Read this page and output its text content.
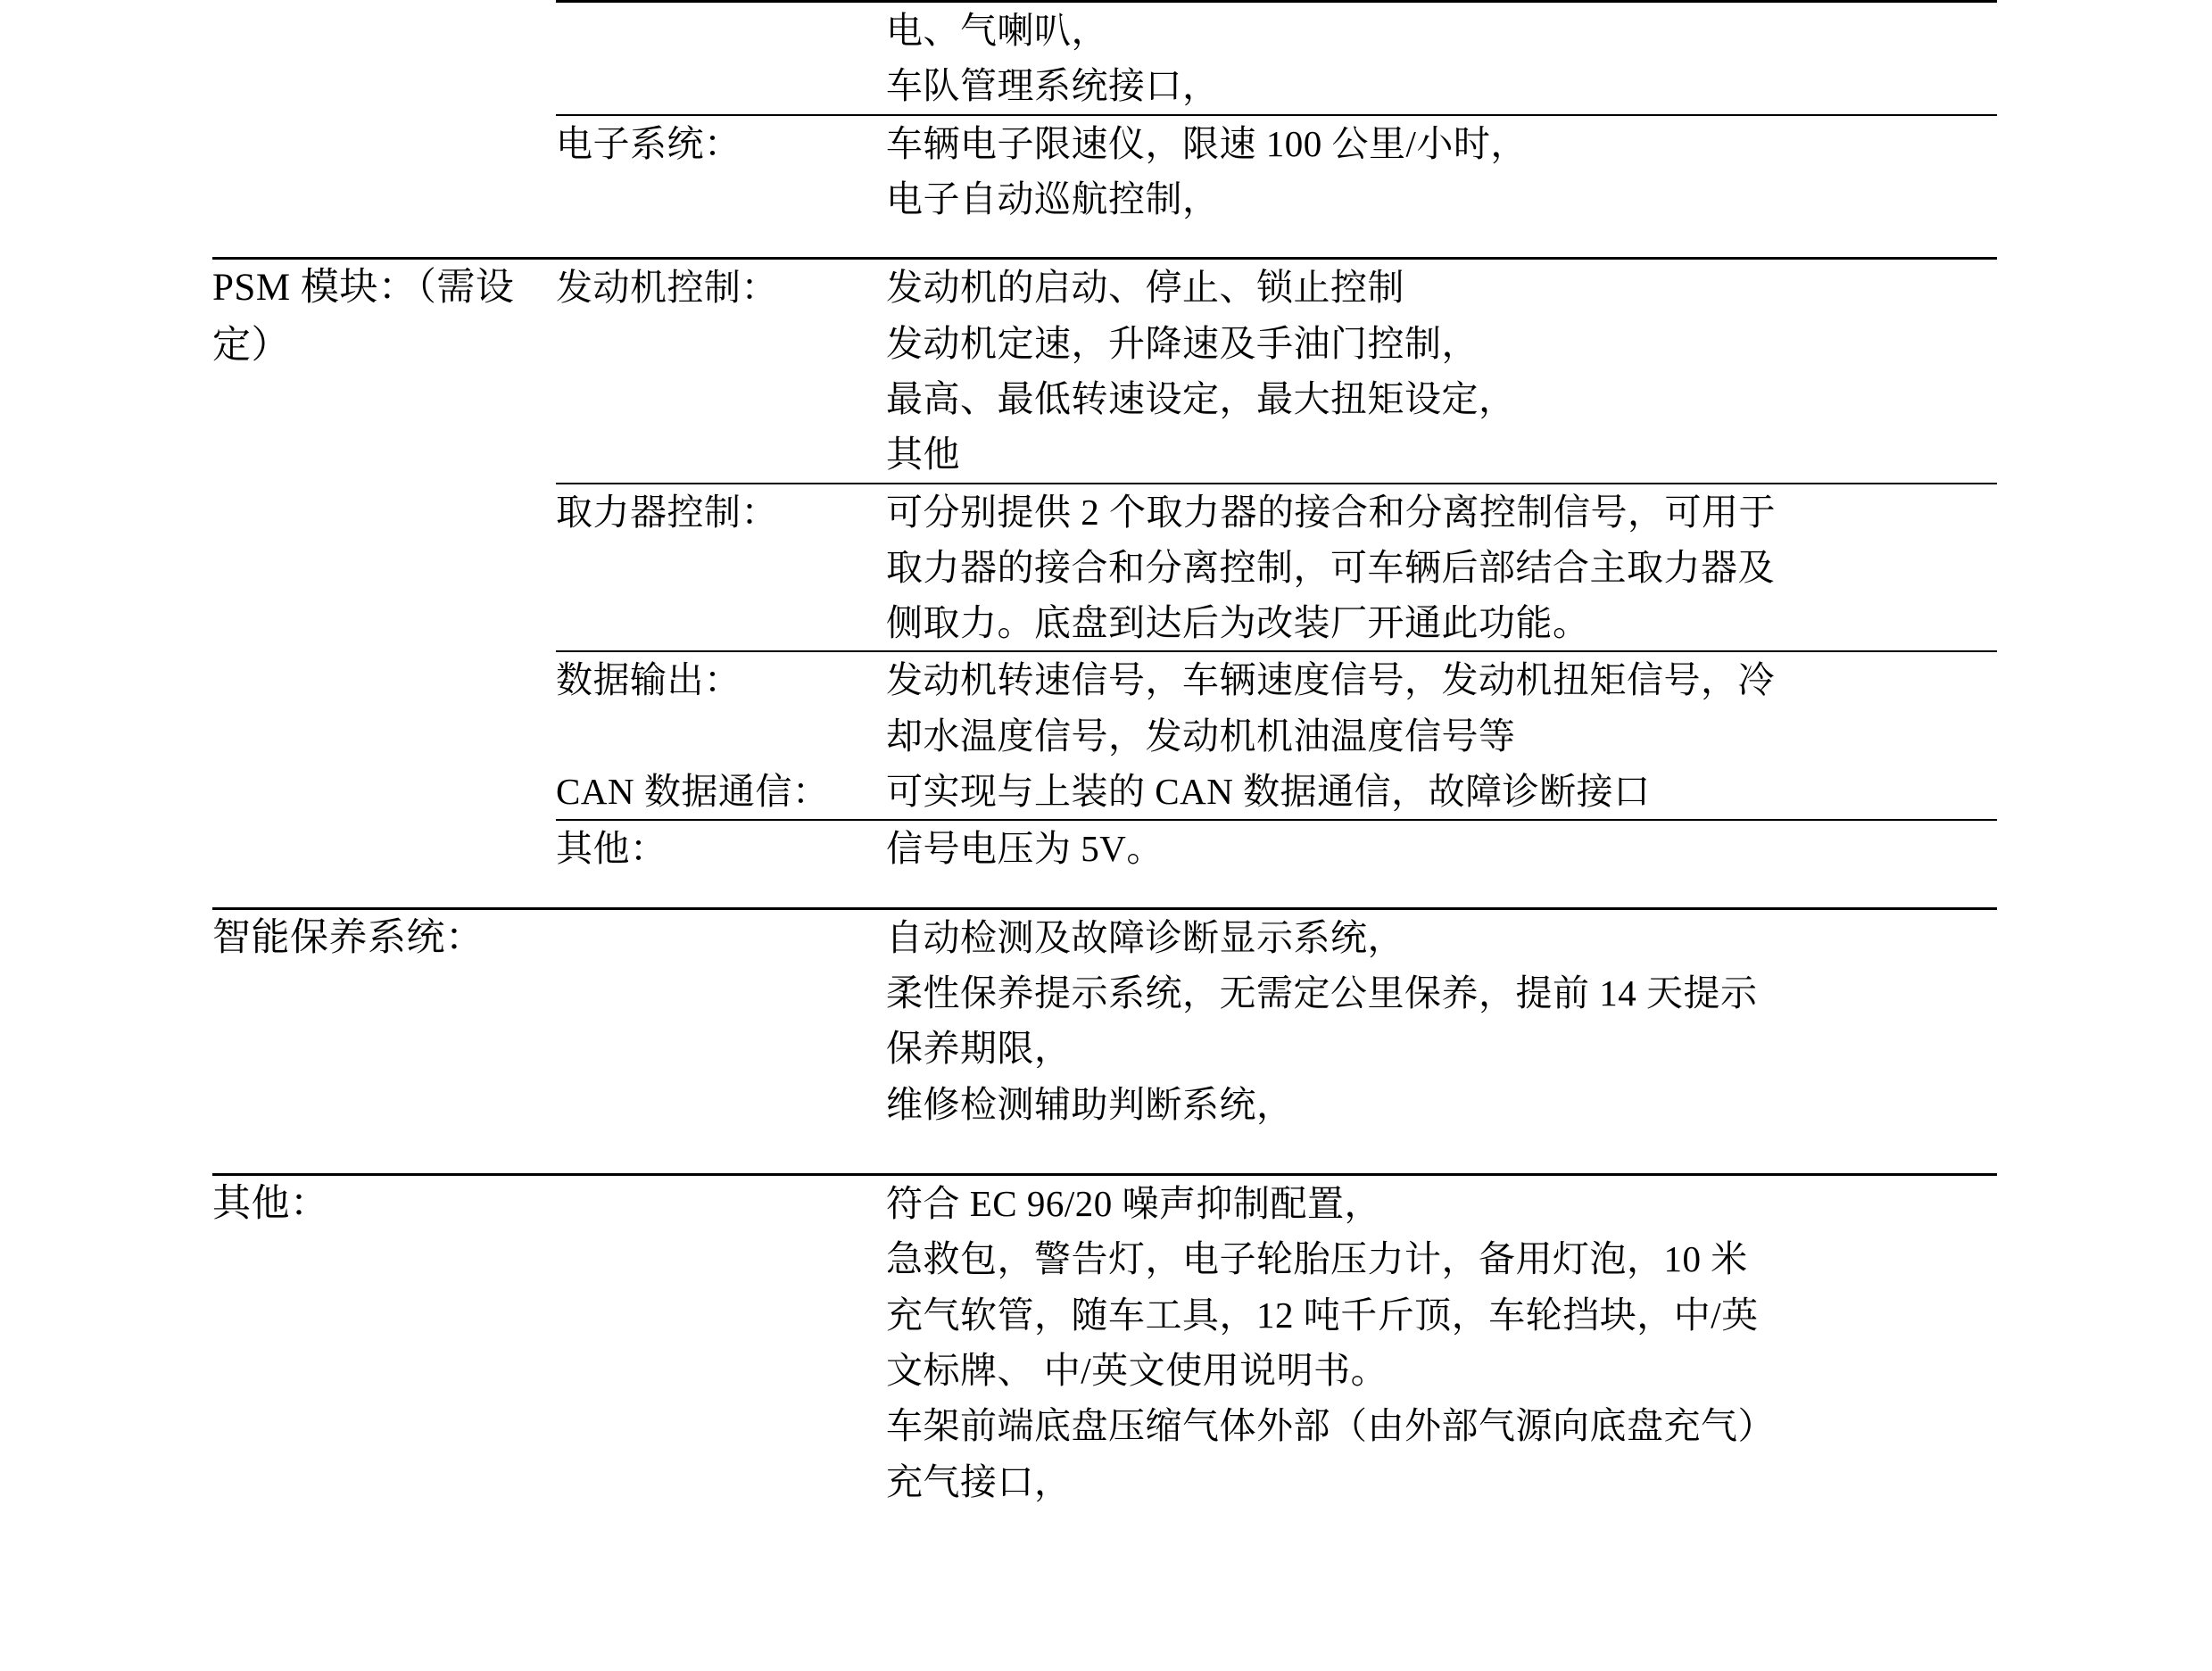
		电、气喇叭，
车队管理系统接口，

	电子系统：	车辆电子限速仪，限速 100 公里/小时，
电子自动巡航控制，

PSM 模块：（需设定）	发动机控制：	发动机的启动、停止、锁止控制
发动机定速，升降速及手油门控制，
最高、最低转速设定，最大扭矩设定，
其他

	取力器控制：	可分别提供 2 个取力器的接合和分离控制信号，可用于
取力器的接合和分离控制，可车辆后部结合主取力器及
侧取力。底盘到达后为改装厂开通此功能。

	数据输出：	发动机转速信号，车辆速度信号，发动机扭矩信号，冷
却水温度信号，发动机机油温度信号等

	CAN 数据通信：	可实现与上装的 CAN 数据通信，故障诊断接口

	其他：	信号电压为 5V。

智能保养系统：		自动检测及故障诊断显示系统，
柔性保养提示系统，无需定公里保养，提前 14 天提示
保养期限，
维修检测辅助判断系统，

其他：		符合 EC 96/20 噪声抑制配置，
急救包，警告灯，电子轮胎压力计，备用灯泡，10 米
充气软管，随车工具，12 吨千斤顶，车轮挡块，中/英
文标牌、 中/英文使用说明书。
车架前端底盘压缩气体外部（由外部气源向底盘充气）
充气接口，
